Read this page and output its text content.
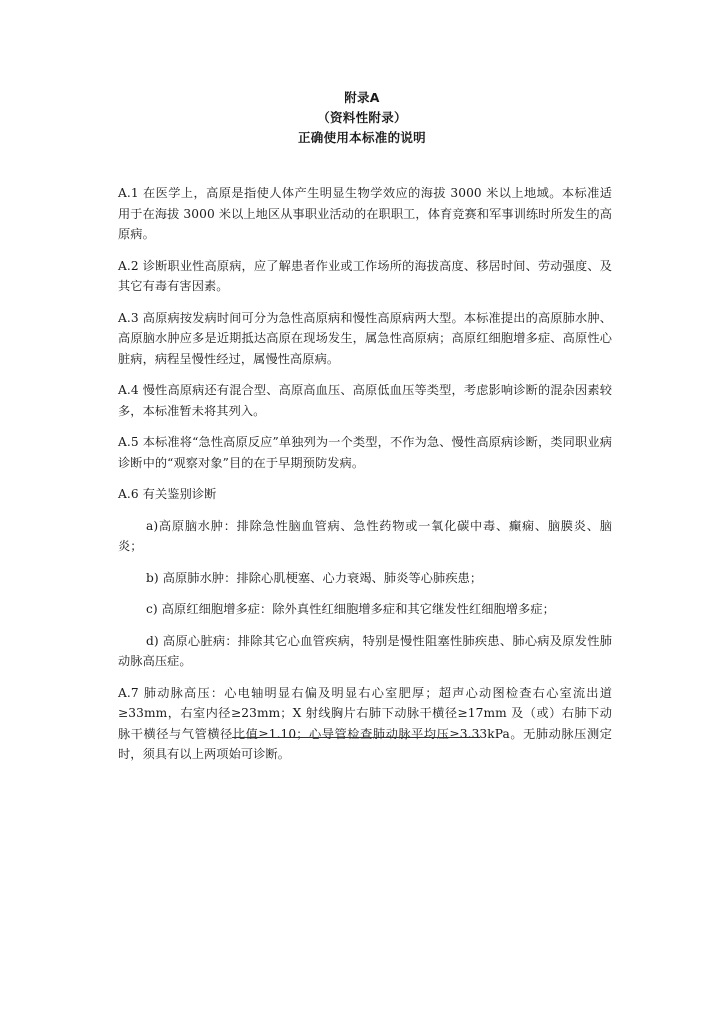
附录A
（资料性附录）
正确使用本标准的说明

A.1 在医学上，高原是指使人体产生明显生物学效应的海拔 3000 米以上地域。本标准适用于在海拔 3000 米以上地区从事职业活动的在职职工，体育竞赛和军事训练时所发生的高原病。

A.2 诊断职业性高原病，应了解患者作业或工作场所的海拔高度、移居时间、劳动强度、及其它有毒有害因素。

A.3 高原病按发病时间可分为急性高原病和慢性高原病两大型。本标准提出的高原肺水肿、高原脑水肿应多是近期抵达高原在现场发生，属急性高原病；高原红细胞增多症、高原性心脏病，病程呈慢性经过，属慢性高原病。

A.4 慢性高原病还有混合型、高原高血压、高原低血压等类型，考虑影响诊断的混杂因素较多，本标准暂未将其列入。

A.5 本标准将“急性高原反应”单独列为一个类型，不作为急、慢性高原病诊断，类同职业病诊断中的“观察对象”目的在于早期预防发病。

A.6 有关鉴别诊断

a)高原脑水肿：排除急性脑血管病、急性药物或一氧化碳中毒、癫痫、脑膜炎、脑炎；

b) 高原肺水肿：排除心肌梗塞、心力衰竭、肺炎等心肺疾患；

c) 高原红细胞增多症：除外真性红细胞增多症和其它继发性红细胞增多症；

d) 高原心脏病：排除其它心血管疾病，特别是慢性阻塞性肺疾患、肺心病及原发性肺动脉高压症。

A.7 肺动脉高压：心电轴明显右偏及明显右心室肥厚；超声心动图检查右心室流出道≥33mm，右室内径≥23mm；X 射线胸片右肺下动脉干横径≥17mm 及（或）右肺下动脉干横径与气管横径比值≥1.10；心导管检查肺动脉平均压≥3.33kPa。无肺动脉压测定时，须具有以上两项始可诊断。
